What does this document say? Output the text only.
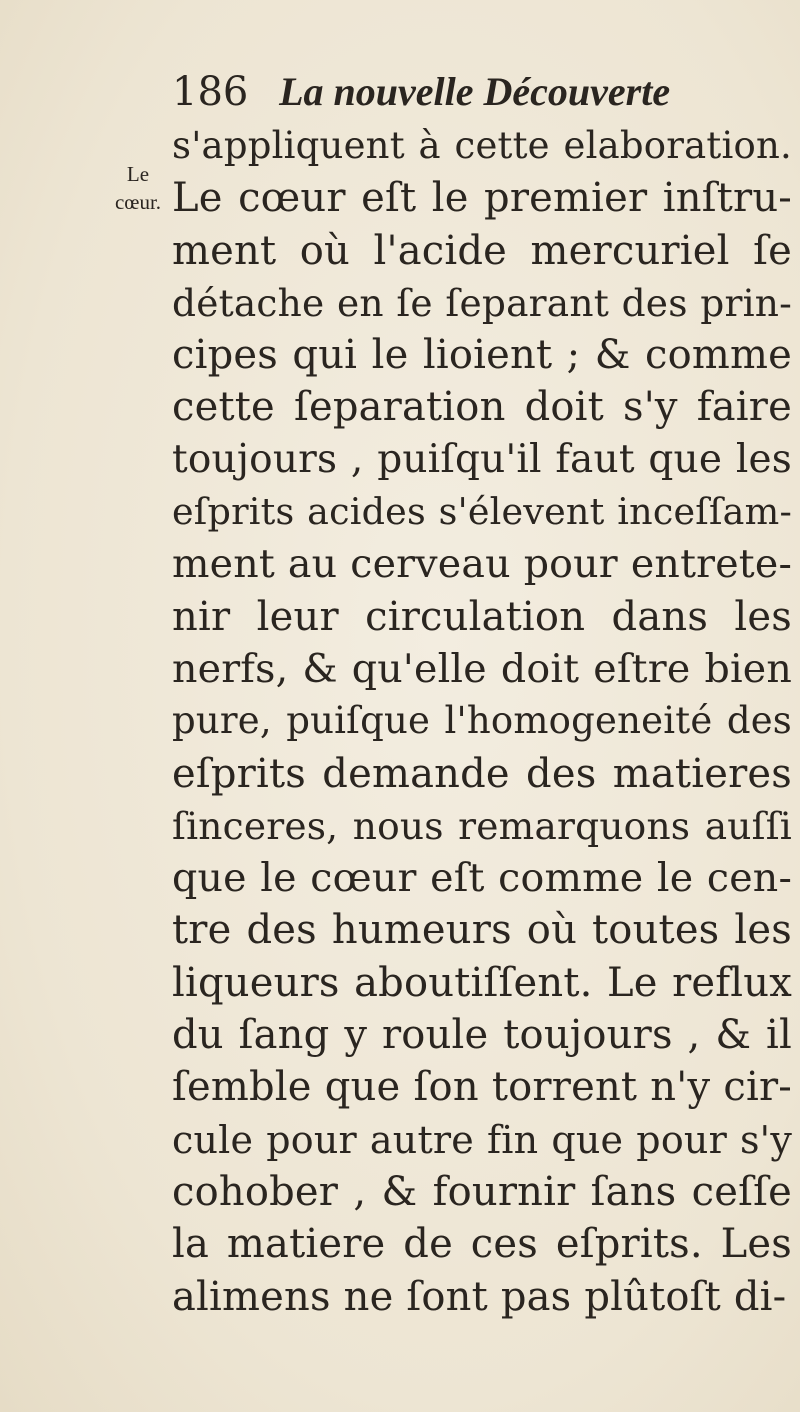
186 La nouvelle Découverte
Le
cœur.
s'appliquent à cette elaboration.
Le cœur eſt le premier inſtru-
ment où l'acide mercuriel ſe
détache en ſe ſeparant des prin-
cipes qui le lioient ; & comme
cette ſeparation doit s'y faire
toujours , puiſqu'il faut que les
eſprits acides s'élevent inceſſam-
ment au cerveau pour entrete-
nir leur circulation dans les
nerfs, & qu'elle doit eſtre bien
pure, puiſque l'homogeneité des
eſprits demande des matieres
ſinceres, nous remarquons auſſi
que le cœur eſt comme le cen-
tre des humeurs où toutes les
liqueurs aboutiſſent. Le reflux
du ſang y roule toujours , & il
ſemble que ſon torrent n'y cir-
cule pour autre fin que pour s'y
cohober , & fournir ſans ceſſe
la matiere de ces eſprits. Les
alimens ne ſont pas plûtoſt di-
